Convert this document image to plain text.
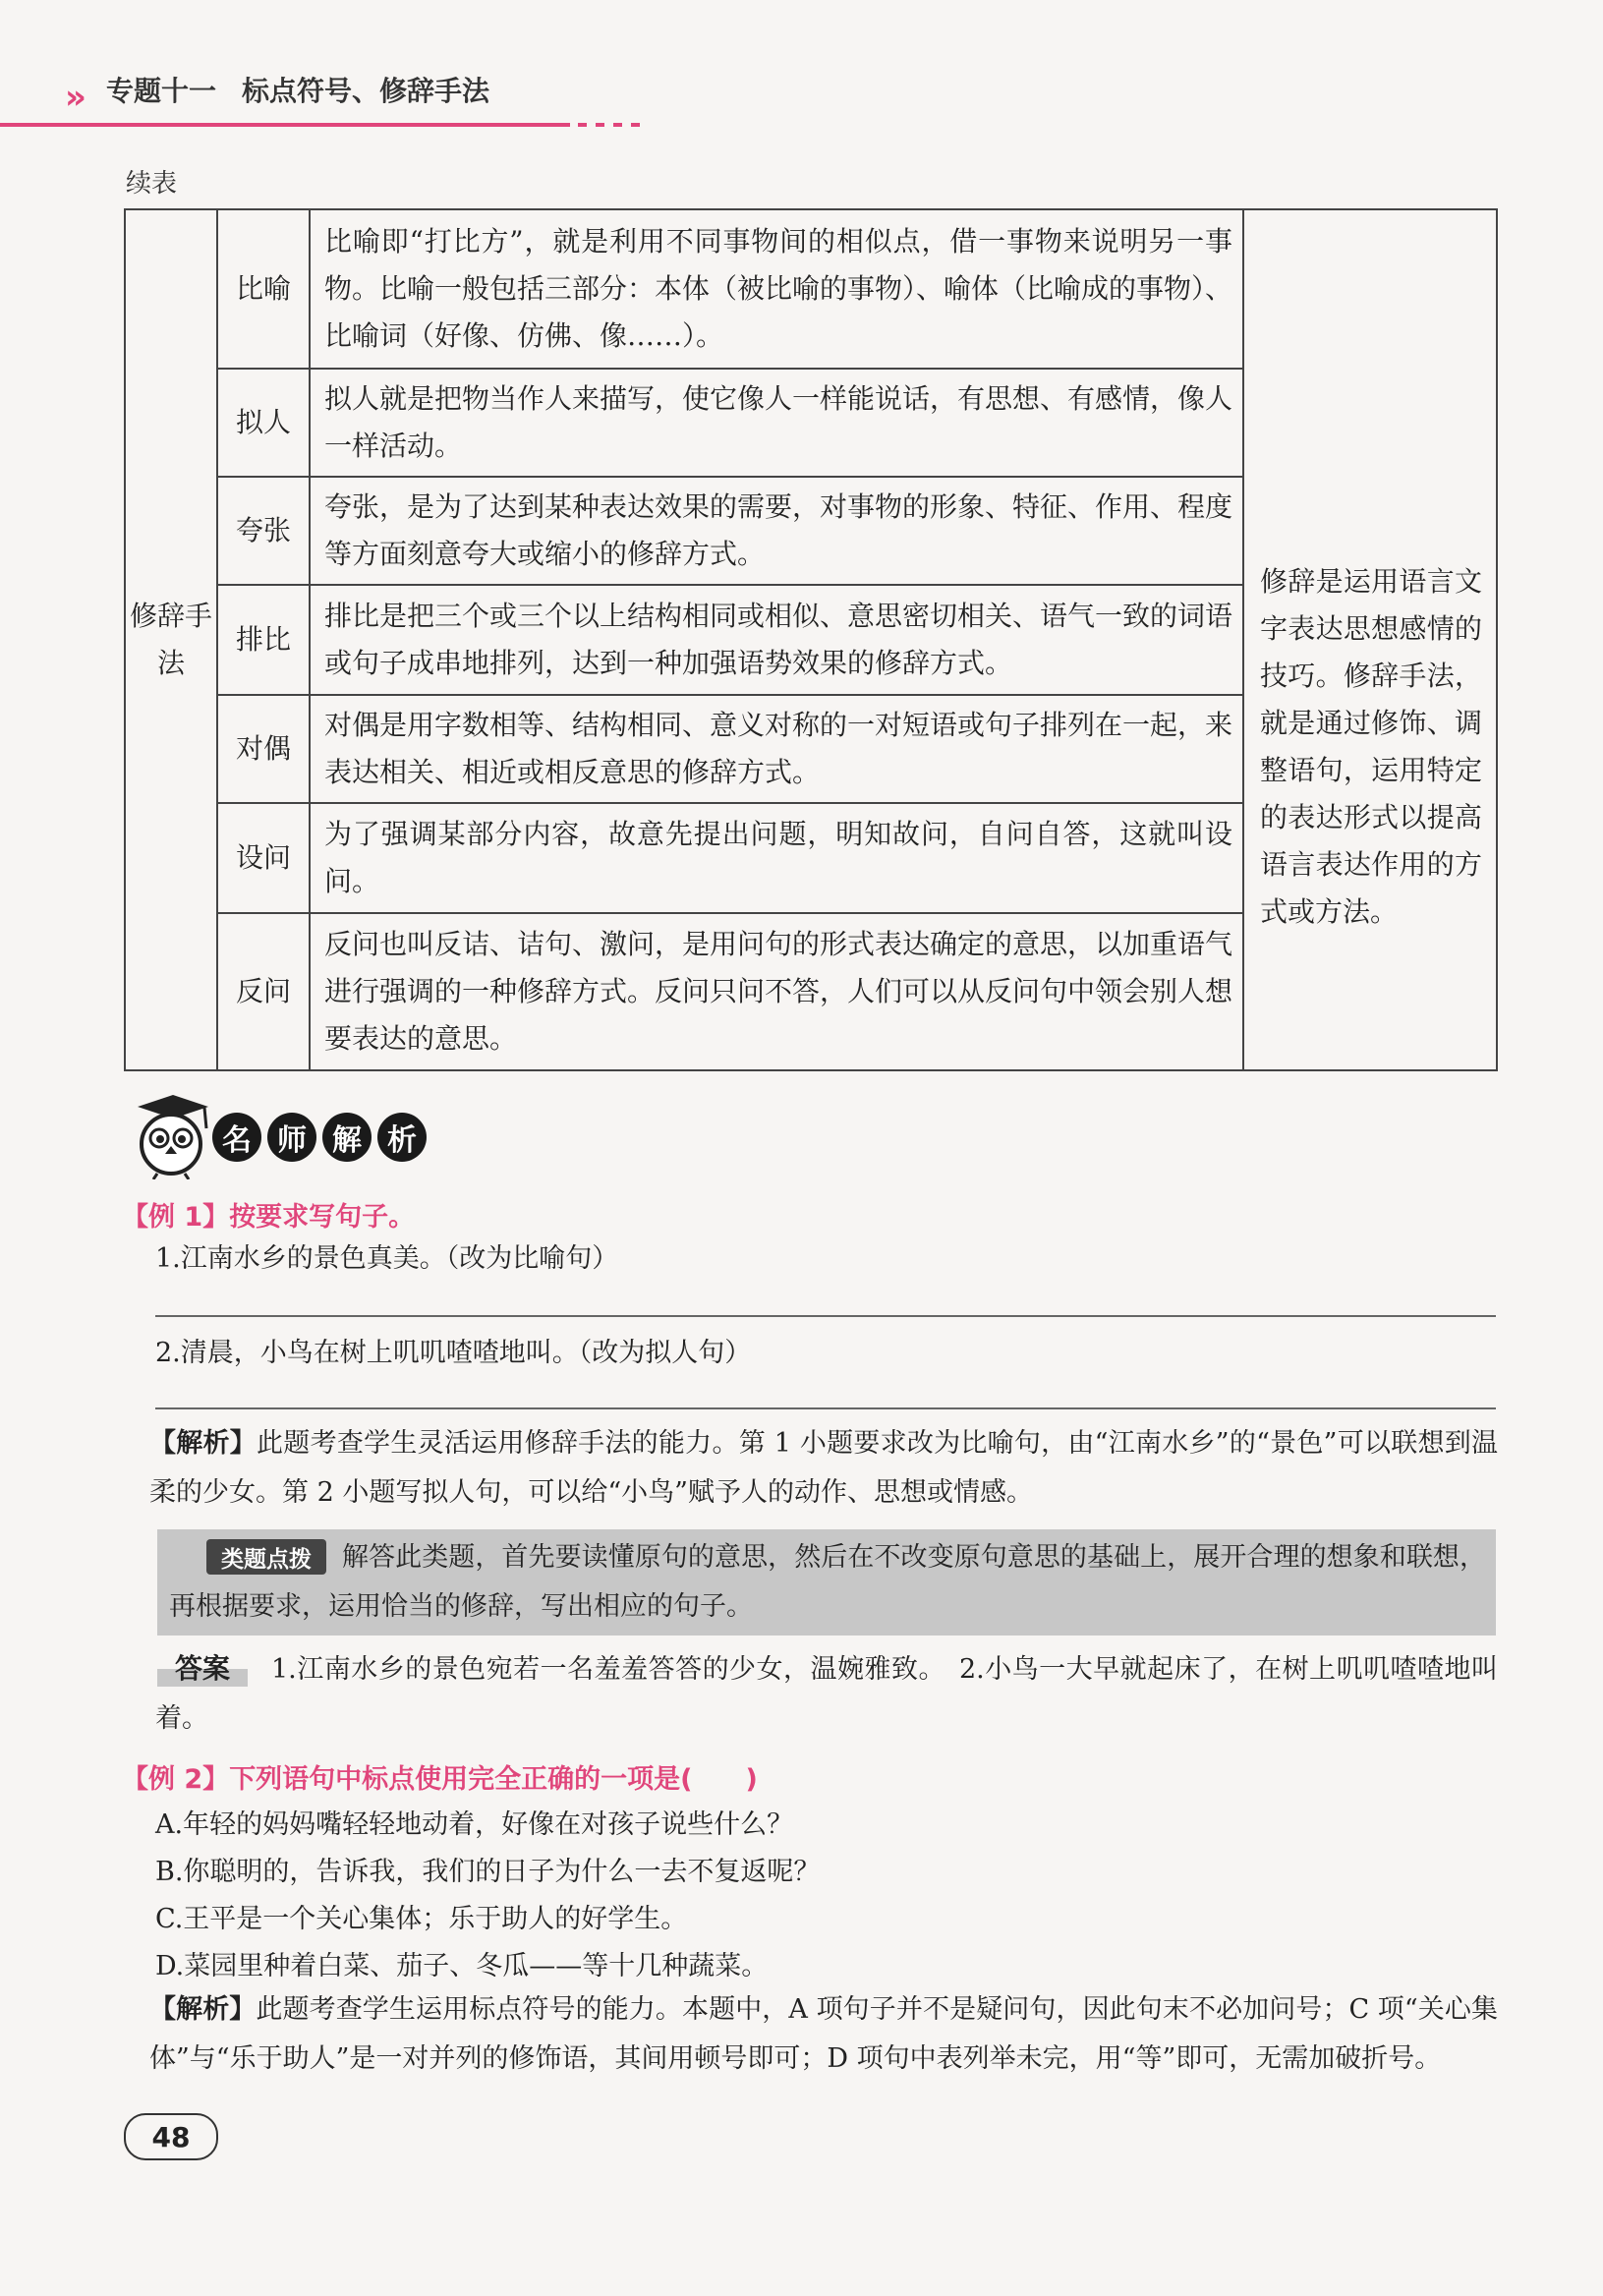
» 专题十一 标点符号、修辞手法
续表
修辞手法	比喻	比喻即“打比方”，就是利用不同事物间的相似点，借一事物来说明另一事物。比喻一般包括三部分：本体（被比喻的事物）、喻体（比喻成的事物）、比喻词（好像、仿佛、像……）。	修辞是运用语言文字表达思想感情的技巧。修辞手法，就是通过修饰、调整语句，运用特定的表达形式以提高语言表达作用的方式或方法。
	拟人	拟人就是把物当作人来描写，使它像人一样能说话，有思想、有感情，像人一样活动。	
	夸张	夸张，是为了达到某种表达效果的需要，对事物的形象、特征、作用、程度等方面刻意夸大或缩小的修辞方式。	
	排比	排比是把三个或三个以上结构相同或相似、意思密切相关、语气一致的词语或句子成串地排列，达到一种加强语势效果的修辞方式。	
	对偶	对偶是用字数相等、结构相同、意义对称的一对短语或句子排列在一起，来表达相关、相近或相反意思的修辞方式。	
	设问	为了强调某部分内容，故意先提出问题，明知故问，自问自答，这就叫设问。	
	反问	反问也叫反诘、诘句、激问，是用问句的形式表达确定的意思，以加重语气进行强调的一种修辞方式。反问只问不答，人们可以从反问句中领会别人想要表达的意思。	
名 师 解 析
【例 1】按要求写句子。
1.江南水乡的景色真美。（改为比喻句）
2.清晨，小鸟在树上叽叽喳喳地叫。（改为拟人句）
【解析】此题考查学生灵活运用修辞手法的能力。第 1 小题要求改为比喻句，由“江南水乡”的“景色”可以联想到温柔的少女。第 2 小题写拟人句，可以给“小鸟”赋予人的动作、思想或情感。
解答此类题，首先要读懂原句的意思，然后在不改变原句意思的基础上，展开合理的想象和联想，再根据要求，运用恰当的修辞，写出相应的句子。
类题点拨
答案	1.江南水乡的景色宛若一名羞羞答答的少女，温婉雅致。　2.小鸟一大早就起床了，在树上叽叽喳喳地叫着。
【例 2】下列语句中标点使用完全正确的一项是(　　)
A.年轻的妈妈嘴轻轻地动着，好像在对孩子说些什么？
B.你聪明的，告诉我，我们的日子为什么一去不复返呢？
C.王平是一个关心集体；乐于助人的好学生。
D.菜园里种着白菜、茄子、冬瓜——等十几种蔬菜。
【解析】此题考查学生运用标点符号的能力。本题中，A 项句子并不是疑问句，因此句末不必加问号；C 项“关心集体”与“乐于助人”是一对并列的修饰语，其间用顿号即可；D 项句中表列举未完，用“等”即可，无需加破折号。
48
